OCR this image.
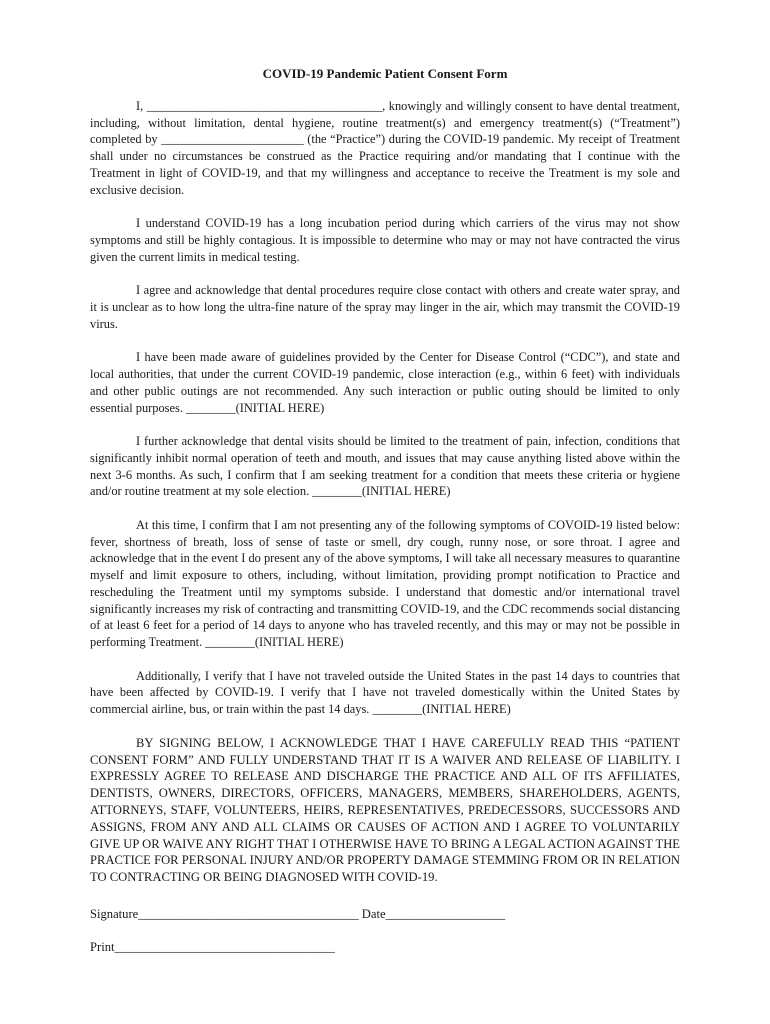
COVID-19 Pandemic Patient Consent Form

I, ______________________________________, knowingly and willingly consent to have dental treatment, including, without limitation, dental hygiene, routine treatment(s) and emergency treatment(s) (“Treatment”) completed by _______________________ (the “Practice”) during the COVID-19 pandemic. My receipt of Treatment shall under no circumstances be construed as the Practice requiring and/or mandating that I continue with the Treatment in light of COVID-19, and that my willingness and acceptance to receive the Treatment is my sole and exclusive decision.

I understand COVID-19 has a long incubation period during which carriers of the virus may not show symptoms and still be highly contagious. It is impossible to determine who may or may not have contracted the virus given the current limits in medical testing.

I agree and acknowledge that dental procedures require close contact with others and create water spray, and it is unclear as to how long the ultra-fine nature of the spray may linger in the air, which may transmit the COVID-19 virus.

I have been made aware of guidelines provided by the Center for Disease Control (“CDC”), and state and local authorities, that under the current COVID-19 pandemic, close interaction (e.g., within 6 feet) with individuals and other public outings are not recommended. Any such interaction or public outing should be limited to only essential purposes. ________(INITIAL HERE)

I further acknowledge that dental visits should be limited to the treatment of pain, infection, conditions that significantly inhibit normal operation of teeth and mouth, and issues that may cause anything listed above within the next 3-6 months. As such, I confirm that I am seeking treatment for a condition that meets these criteria or hygiene and/or routine treatment at my sole election. ________(INITIAL HERE)

At this time, I confirm that I am not presenting any of the following symptoms of COVOID-19 listed below: fever, shortness of breath, loss of sense of taste or smell, dry cough, runny nose, or sore throat. I agree and acknowledge that in the event I do present any of the above symptoms, I will take all necessary measures to quarantine myself and limit exposure to others, including, without limitation, providing prompt notification to Practice and rescheduling the Treatment until my symptoms subside. I understand that domestic and/or international travel significantly increases my risk of contracting and transmitting COVID-19, and the CDC recommends social distancing of at least 6 feet for a period of 14 days to anyone who has traveled recently, and this may or may not be possible in performing Treatment. ________(INITIAL HERE)

Additionally, I verify that I have not traveled outside the United States in the past 14 days to countries that have been affected by COVID-19. I verify that I have not traveled domestically within the United States by commercial airline, bus, or train within the past 14 days. ________(INITIAL HERE)

BY SIGNING BELOW, I ACKNOWLEDGE THAT I HAVE CAREFULLY READ THIS “PATIENT CONSENT FORM” AND FULLY UNDERSTAND THAT IT IS A WAIVER AND RELEASE OF LIABILITY. I EXPRESSLY AGREE TO RELEASE AND DISCHARGE THE PRACTICE AND ALL OF ITS AFFILIATES, DENTISTS, OWNERS, DIRECTORS, OFFICERS, MANAGERS, MEMBERS, SHAREHOLDERS, AGENTS, ATTORNEYS, STAFF, VOLUNTEERS, HEIRS, REPRESENTATIVES, PREDECESSORS, SUCCESSORS AND ASSIGNS, FROM ANY AND ALL CLAIMS OR CAUSES OF ACTION AND I AGREE TO VOLUNTARILY GIVE UP OR WAIVE ANY RIGHT THAT I OTHERWISE HAVE TO BRING A LEGAL ACTION AGAINST THE PRACTICE FOR PERSONAL INJURY AND/OR PROPERTY DAMAGE STEMMING FROM OR IN RELATION TO CONTRACTING OR BEING DIAGNOSED WITH COVID-19.

Signature___________________________________ Date___________________

Print___________________________________
